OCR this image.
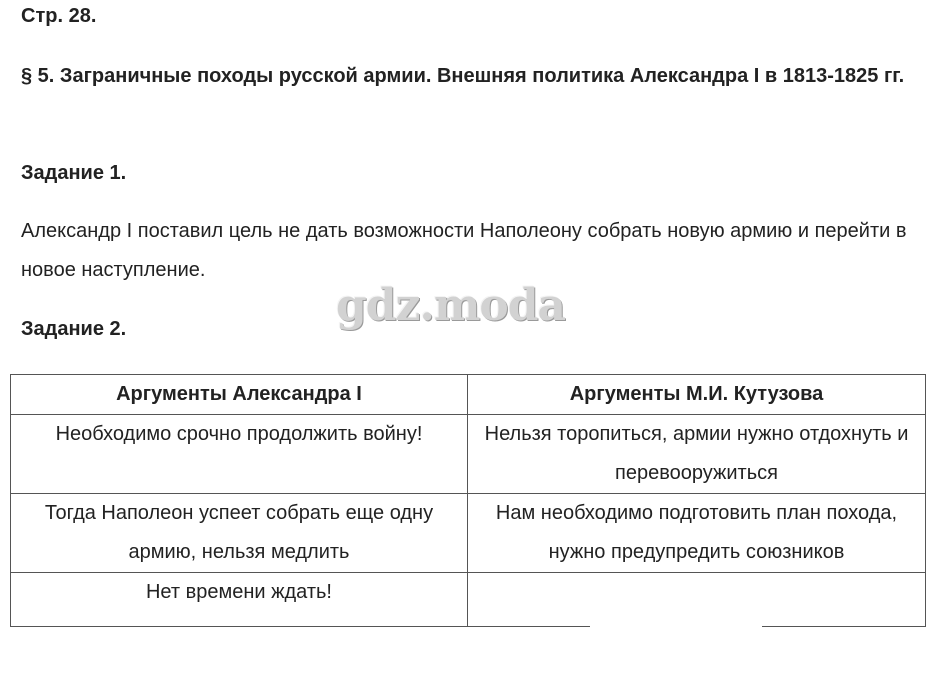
Стр. 28.

§ 5. Заграничные походы русской армии. Внешняя политика Александра I в 1813-1825 гг.

Задание 1.

Александр I поставил цель не дать возможности Наполеону собрать новую армию и перейти в новое наступление.

Задание 2.	gdz.moda
Аргументы Александра I	Аргументы М.И. Кутузова
Необходимо срочно продолжить войну!	Нельзя торопиться, армии нужно отдохнуть и перевооружиться
Тогда Наполеон успеет собрать еще одну армию, нельзя медлить	Нам необходимо подготовить план похода, нужно предупредить союзников
Нет времени ждать!	
